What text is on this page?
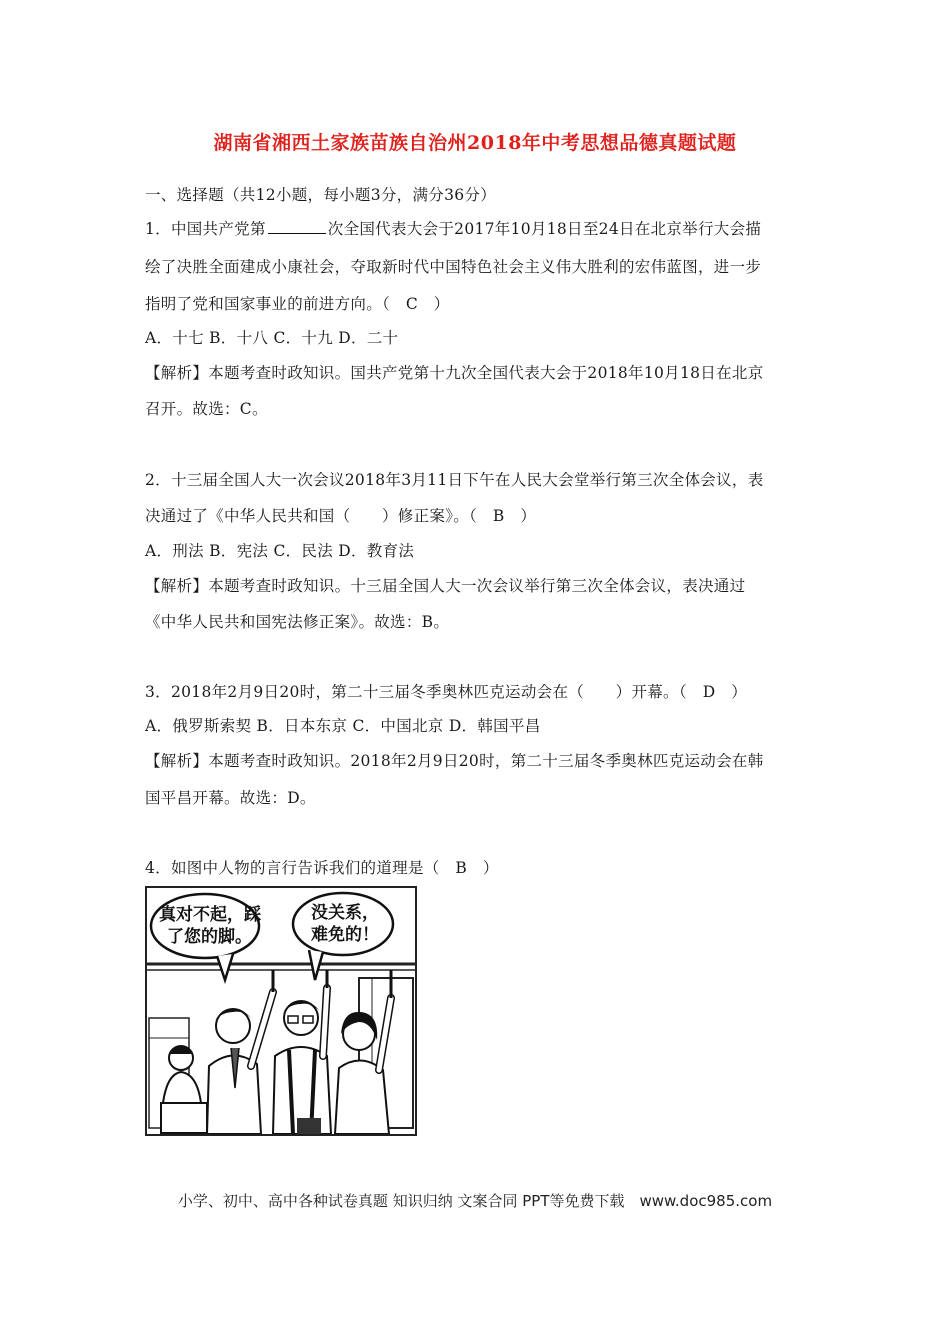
湖南省湘西土家族苗族自治州2018年中考思想品德真题试题
一、选择题（共12小题，每小题3分，满分36分）
1．中国共产党第	次全国代表大会于2017年10月18日至24日在北京举行大会描
绘了决胜全面建成小康社会，夺取新时代中国特色社会主义伟大胜利的宏伟蓝图，进一步
指明了党和国家事业的前进方向。（　C　）
A．十七 B．十八 C．十九 D．二十
【解析】本题考查时政知识。国共产党第十九次全国代表大会于2018年10月18日在北京
召开。故选：C。
2．十三届全国人大一次会议2018年3月11日下午在人民大会堂举行第三次全体会议，表
决通过了《中华人民共和国（　　）修正案》。（　B　）
A．刑法 B．宪法 C．民法 D．教育法
【解析】本题考查时政知识。十三届全国人大一次会议举行第三次全体会议，表决通过
《中华人民共和国宪法修正案》。故选：B。
3．2018年2月9日20时，第二十三届冬季奥林匹克运动会在（　　）开幕。（　D　）
A．俄罗斯索契 B．日本东京 C．中国北京 D．韩国平昌
【解析】本题考查时政知识。2018年2月9日20时，第二十三届冬季奥林匹克运动会在韩
国平昌开幕。故选：D。
4．如图中人物的言行告诉我们的道理是（　B　）
真对不起，踩
了您的脚。
没关系，
难免的！
小学、初中、高中各种试卷真题 知识归纳 文案合同 PPT等免费下载　www.doc985.com
